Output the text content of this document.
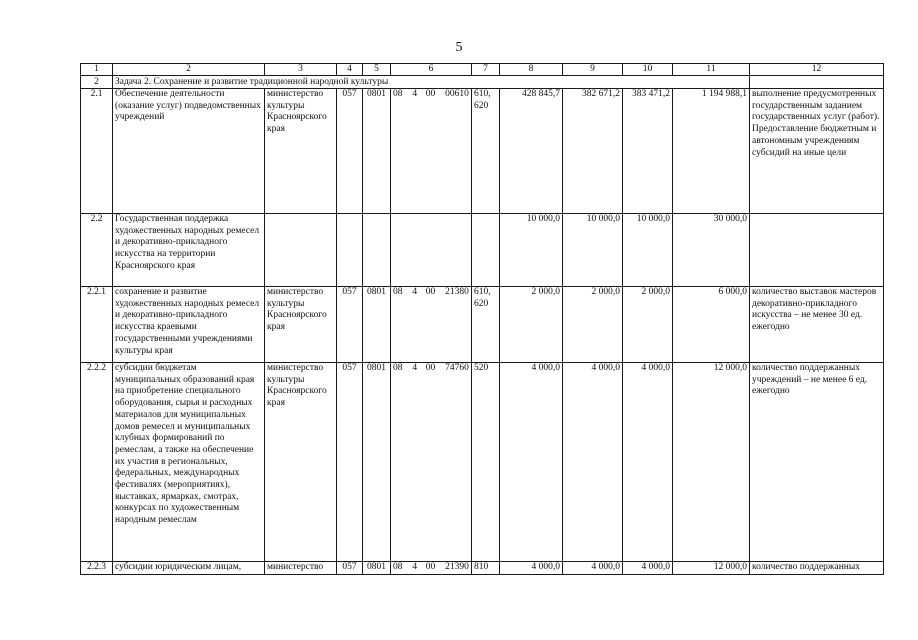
5
1	2	3	4	5	6	7	8	9	10	11	12
2	Задача 2. Сохранение и развитие традиционной народной культуры										
2.1	Обеспечение деятельности (оказание услуг) подведомственных учреждений	министерство культуры Красноярского края	057	0801	08 4 00 00610	610, 620	428 845,7	382 671,2	383 471,2	1 194 988,1	выполнение предусмотренных государственным заданием государственных услуг (работ). Предоставление бюджетным и автономным учреждениям субсидий на иные цели
2.2	Государственная поддержка художественных народных ремесел и декоративно-прикладного искусства на территории Красноярского края						10 000,0	10 000,0	10 000,0	30 000,0	
2.2.1	сохранение и развитие художественных народных ремесел и декоративно-прикладного искусства краевыми государственными учреждениями культуры края	министерство культуры Красноярского края	057	0801	08 4 00 21380	610, 620	2 000,0	2 000,0	2 000,0	6 000,0	количество выставок мастеров декоративно-прикладного искусства – не менее 30 ед. ежегодно
2.2.2	субсидии бюджетам муниципальных образований края на приобретение специального оборудования, сырья и расходных материалов для муниципальных домов ремесел и муниципальных клубных формирований по ремеслам, а также на обеспечение их участия в региональных, федеральных, международных фестивалях (мероприятиях), выставках, ярмарках, смотрах, конкурсах по художественным народным ремеслам	министерство культуры Красноярского края	057	0801	08 4 00 74760	520	4 000,0	4 000,0	4 000,0	12 000,0	количество поддержанных учреждений – не менее 6 ед. ежегодно
2.2.3	субсидии юридическим лицам,	министерство	057	0801	08 4 00 21390	810	4 000,0	4 000,0	4 000,0	12 000,0	количество поддержанных
